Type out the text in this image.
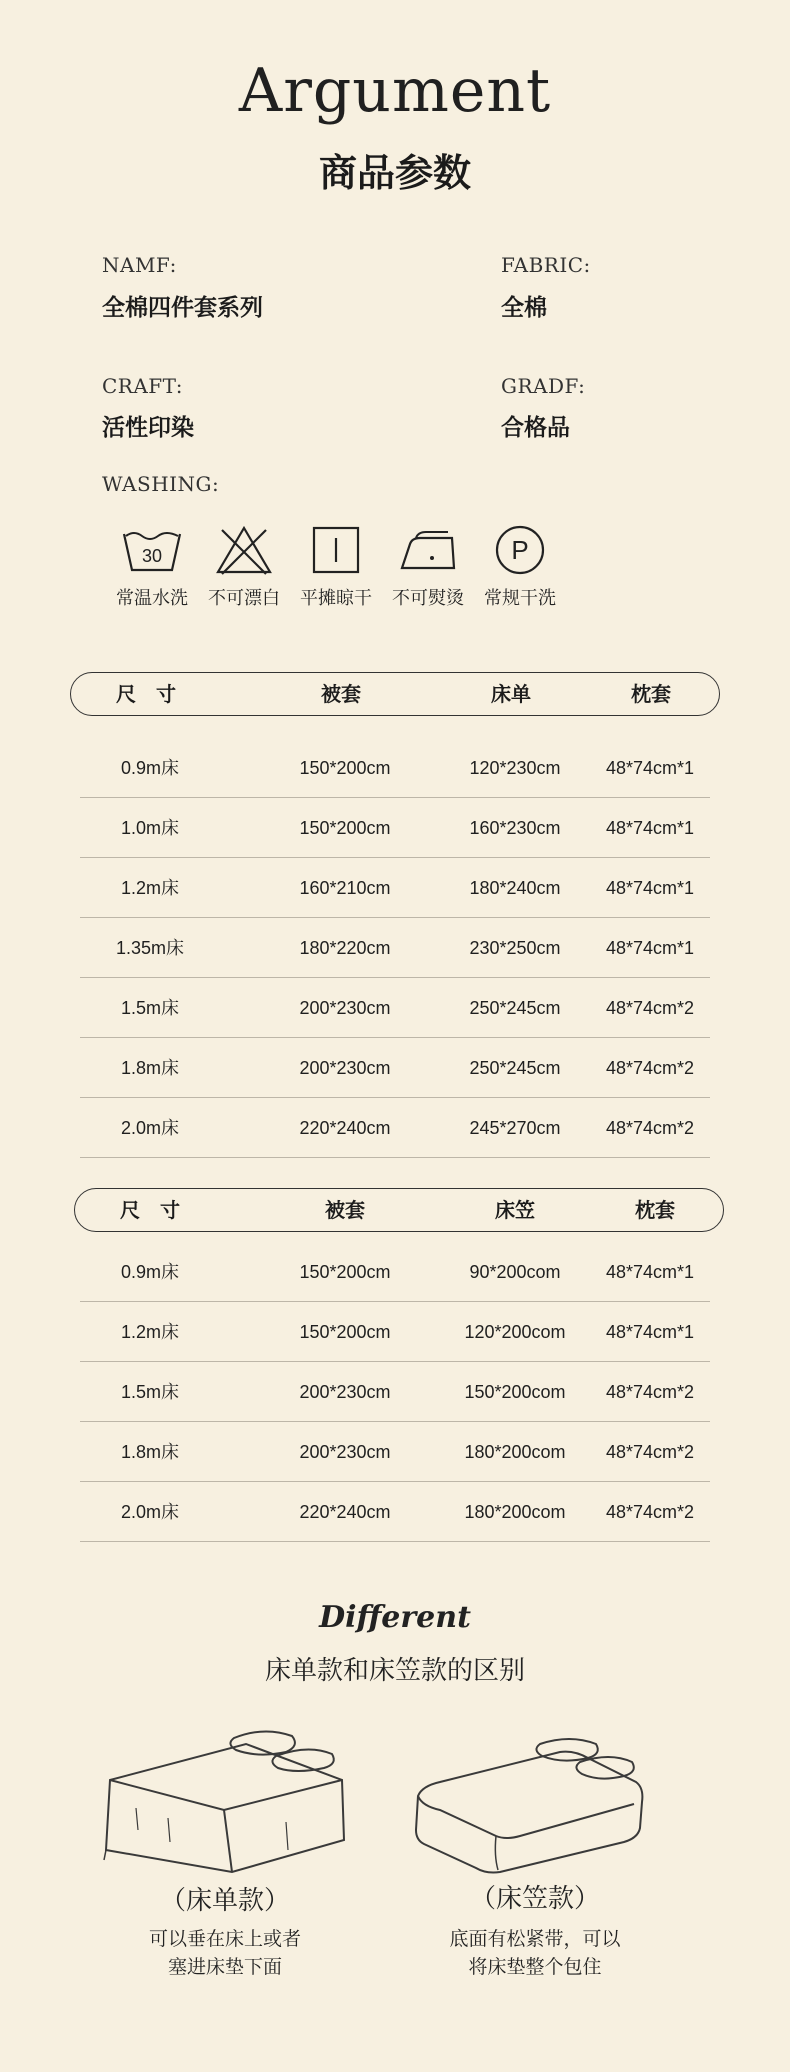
Argument
商品参数
NAMF:
全棉四件套系列
FABRIC:
全棉
CRAFT:
活性印染
GRADF:
合格品
WASHING:
30
常温水洗	不可漂白	平摊晾干	不可熨烫
P
常规干洗
尺　寸	被套	床单	枕套
0.9m床	150*200cm	120*230cm	48*74cm*1
1.0m床	150*200cm	160*230cm	48*74cm*1
1.2m床	160*210cm	180*240cm	48*74cm*1
1.35m床	180*220cm	230*250cm	48*74cm*1
1.5m床	200*230cm	250*245cm	48*74cm*2
1.8m床	200*230cm	250*245cm	48*74cm*2
2.0m床	220*240cm	245*270cm	48*74cm*2
尺　寸	被套	床笠	枕套
0.9m床	150*200cm	90*200com	48*74cm*1
1.2m床	150*200cm	120*200com	48*74cm*1
1.5m床	200*230cm	150*200com	48*74cm*2
1.8m床	200*230cm	180*200com	48*74cm*2
2.0m床	220*240cm	180*200com	48*74cm*2
Different
床单款和床笠款的区别
（床单款）
可以垂在床上或者
塞进床垫下面
（床笠款）
底面有松紧带，可以
将床垫整个包住
